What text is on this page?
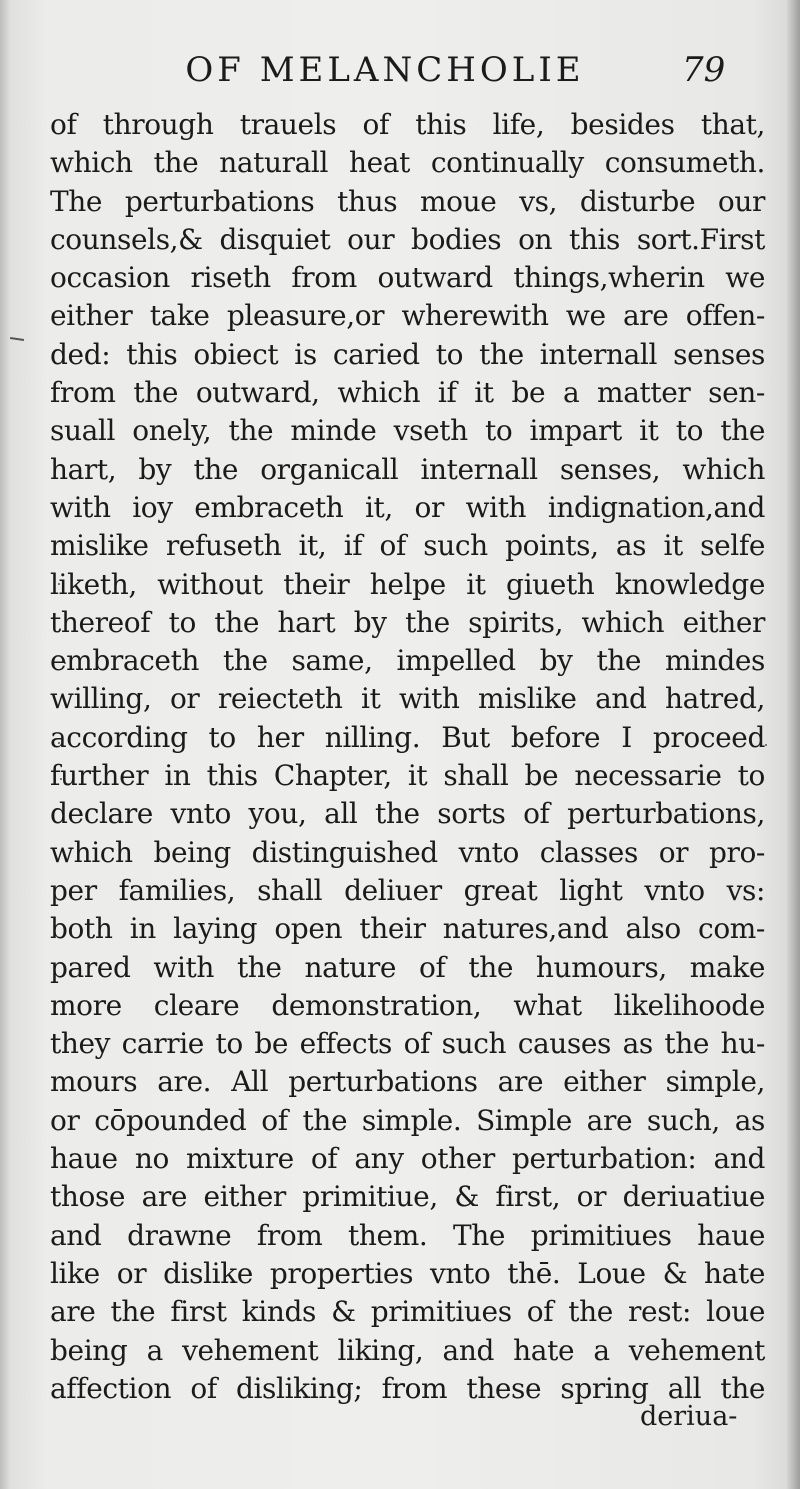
OF MELANCHOLIE	79
of through trauels of this life, besides that,
which the naturall heat continually consumeth.
The perturbations thus moue vs, disturbe our
counsels,& disquiet our bodies on this sort.First
occasion riseth from outward things,wherin we
either take pleasure,or wherewith we are offen-
ded: this obiect is caried to the internall senses
from the outward, which if it be a matter sen-
suall onely, the minde vseth to impart it to the
hart, by the organicall internall senses, which
with ioy embraceth it, or with indignation,and
mislike refuseth it, if of such points, as it selfe
liketh, without their helpe it giueth knowledge
thereof to the hart by the spirits, which either
embraceth the same, impelled by the mindes
willing, or reiecteth it with mislike and hatred,
according to her nilling. But before I proceed
further in this Chapter, it shall be necessarie to
declare vnto you, all the sorts of perturbations,
which being distinguished vnto classes or pro-
per families, shall deliuer great light vnto vs:
both in laying open their natures,and also com-
pared with the nature of the humours, make
more cleare demonstration, what likelihoode
they carrie to be effects of such causes as the hu-
mours are. All perturbations are either simple,
or cōpounded of the simple. Simple are such, as
haue no mixture of any other perturbation: and
those are either primitiue, & first, or deriuatiue
and drawne from them. The primitiues haue
like or dislike properties vnto thē. Loue & hate
are the first kinds & primitiues of the rest: loue
being a vehement liking, and hate a vehement
affection of disliking; from these spring all the
deriua-
